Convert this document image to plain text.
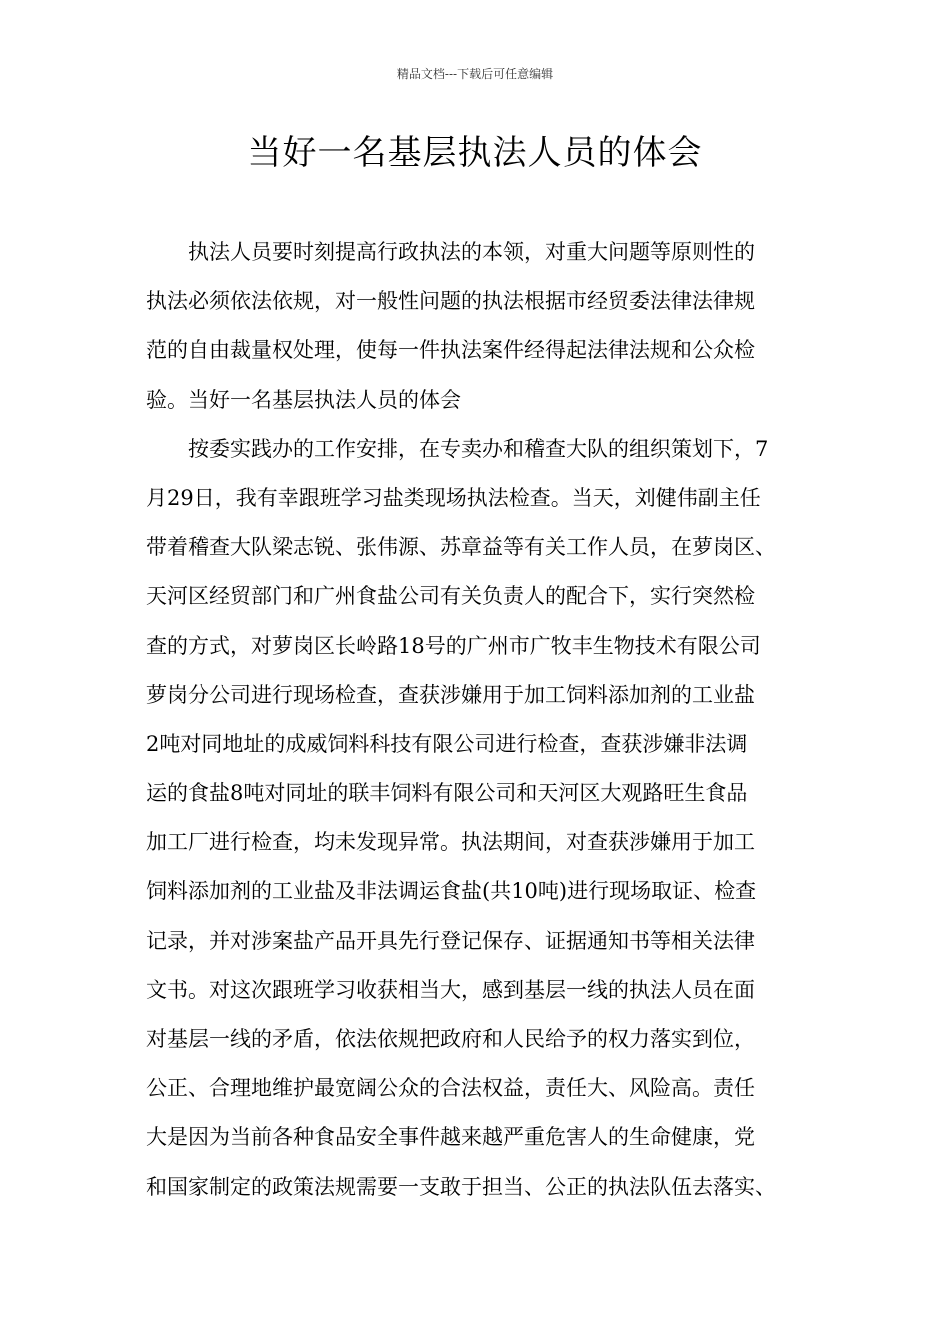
精品文档---下载后可任意编辑
当好一名基层执法人员的体会
执法人员要时刻提高行政执法的本领，对重大问题等原则性的
执法必须依法依规，对一般性问题的执法根据市经贸委法律法律规
范的自由裁量权处理，使每一件执法案件经得起法律法规和公众检
验。当好一名基层执法人员的体会
按委实践办的工作安排，在专卖办和稽查大队的组织策划下，7
月29日，我有幸跟班学习盐类现场执法检查。当天，刘健伟副主任
带着稽查大队梁志锐、张伟源、苏章益等有关工作人员，在萝岗区、
天河区经贸部门和广州食盐公司有关负责人的配合下，实行突然检
查的方式，对萝岗区长岭路18号的广州市广牧丰生物技术有限公司
萝岗分公司进行现场检查，查获涉嫌用于加工饲料添加剂的工业盐
2吨对同地址的成威饲料科技有限公司进行检查，查获涉嫌非法调
运的食盐8吨对同址的联丰饲料有限公司和天河区大观路旺生食品
加工厂进行检查，均未发现异常。执法期间，对查获涉嫌用于加工
饲料添加剂的工业盐及非法调运食盐(共10吨)进行现场取证、检查
记录，并对涉案盐产品开具先行登记保存、证据通知书等相关法律
文书。对这次跟班学习收获相当大，感到基层一线的执法人员在面
对基层一线的矛盾，依法依规把政府和人民给予的权力落实到位，
公正、合理地维护最宽阔公众的合法权益，责任大、风险高。责任
大是因为当前各种食品安全事件越来越严重危害人的生命健康，党
和国家制定的政策法规需要一支敢于担当、公正的执法队伍去落实、
